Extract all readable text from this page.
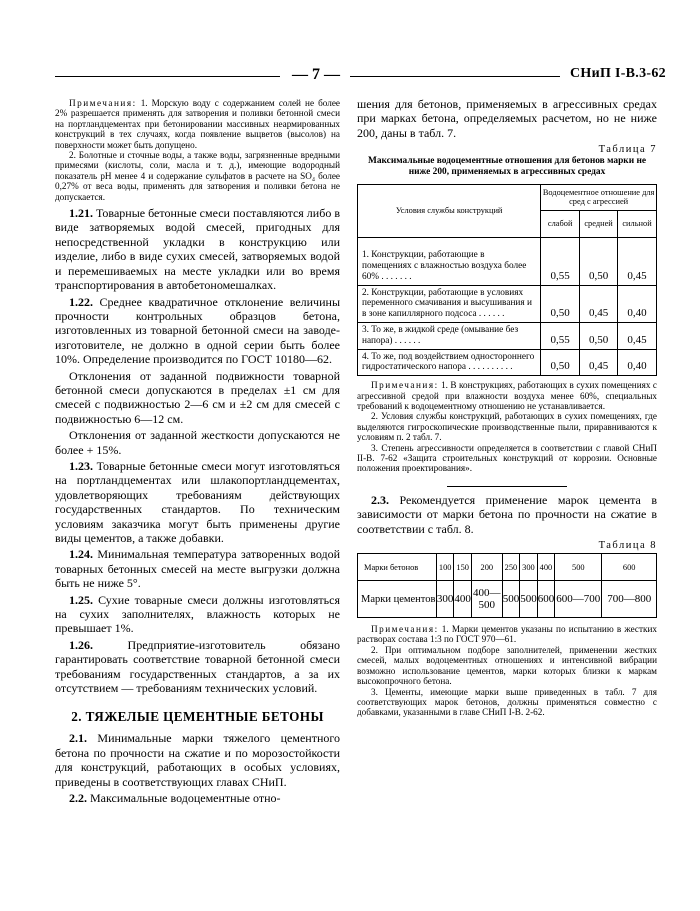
— 7 —	СНиП I-В.3-62

Примечания: 1. Морскую воду с содержанием солей не более 2% разрешается применять для затворения и поливки бетонной смеси на портландцементах при бетонировании массивных неармированных конструкций в тех случаях, когда появление выцветов (высолов) на поверхности может быть допущено.

2. Болотные и сточные воды, а также воды, загрязненные вредными примесями (кислоты, соли, масла и т. д.), имеющие водородный показатель pH менее 4 и содержание сульфатов в расчете на SO₄ более 0,27% от веса воды, применять для затворения и поливки бетона не допускается.

1.21. Товарные бетонные смеси поставляются либо в виде затворяемых водой смесей, пригодных для непосредственной укладки в конструкцию или изделие, либо в виде сухих смесей, затворяемых водой и перемешиваемых на месте укладки или во время транспортирования в автобетономешалках.

1.22. Среднее квадратичное отклонение величины прочности контрольных образцов бетона, изготовленных из товарной бетонной смеси на заводе-изготовителе, не должно в одной серии быть более 10%. Определение производится по ГОСТ 10180—62.

Отклонения от заданной подвижности товарной бетонной смеси допускаются в пределах ±1 см для смесей с подвижностью 2—6 см и ±2 см для смесей с подвижностью 6—12 см.

Отклонения от заданной жесткости допускаются не более + 15%.

1.23. Товарные бетонные смеси могут изготовляться на портландцементах или шлакопортландцементах, удовлетворяющих требованиям действующих государственных стандартов. По техническим условиям заказчика могут быть применены другие виды цементов, а также добавки.

1.24. Минимальная температура затворенных водой товарных бетонных смесей на месте выгрузки должна быть не ниже 5°.

1.25. Сухие товарные смеси должны изготовляться на сухих заполнителях, влажность которых не превышает 1%.

1.26. Предприятие-изготовитель обязано гарантировать соответствие товарной бетонной смеси требованиям государственных стандартов, а за их отсутствием — требованиям технических условий.

2. ТЯЖЕЛЫЕ ЦЕМЕНТНЫЕ БЕТОНЫ

2.1. Минимальные марки тяжелого цементного бетона по прочности на сжатие и по морозостойкости для конструкций, работающих в особых условиях, приведены в соответствующих главах СНиП.

2.2. Максимальные водоцементные отно-

шения для бетонов, применяемых в агрессивных средах при марках бетона, определяемых расчетом, но не ниже 200, даны в табл. 7.

Таблица 7
Максимальные водоцементные отношения для бетонов марки не ниже 200, применяемых в агрессивных средах
Условия службы конструкций	Водоцементное отношение для сред с агрессией		
	слабой	средней	сильной
1. Конструкции, работающие в помещениях с влажностью воздуха более 60% . . . . . . .	0,55	0,50	0,45
2. Конструкции, работающие в условиях переменного смачивания и высушивания и в зоне капиллярного подсоса . . . . . .	0,50	0,45	0,40
3. То же, в жидкой среде (омывание без напора) . . . . . .	0,55	0,50	0,45
4. То же, под воздействием одностороннего гидростатического напора . . . . . . . . . .	0,50	0,45	0,40

Примечания: 1. В конструкциях, работающих в сухих помещениях с агрессивной средой при влажности воздуха менее 60%, специальных требований к водоцементному отношению не устанавливается.

2. Условия службы конструкций, работающих в сухих помещениях, где выделяются гигроскопические производственные пыли, приравниваются к условиям п. 2 табл. 7.

3. Степень агрессивности определяется в соответствии с главой СНиП II-В. 7-62 «Защита строительных конструкций от коррозии. Основные положения проектирования».

2.3. Рекомендуется применение марок цемента в зависимости от марки бетона по прочности на сжатие в соответствии с табл. 8.

Таблица 8
Марки бетонов	100	150	200	250	300	400	500	600
Марки цементов	300	400	400—500	500	500	600	600—700	700—800

Примечания: 1. Марки цементов указаны по испытанию в жестких растворах состава 1:3 по ГОСТ 970—61.

2. При оптимальном подборе заполнителей, применении жестких смесей, малых водоцементных отношениях и интенсивной вибрации возможно использование цементов, марки которых близки к маркам высокопрочного бетона.

3. Цементы, имеющие марки выше приведенных в табл. 7 для соответствующих марок бетонов, должны применяться совместно с добавками, указанными в главе СНиП I-В. 2-62.
